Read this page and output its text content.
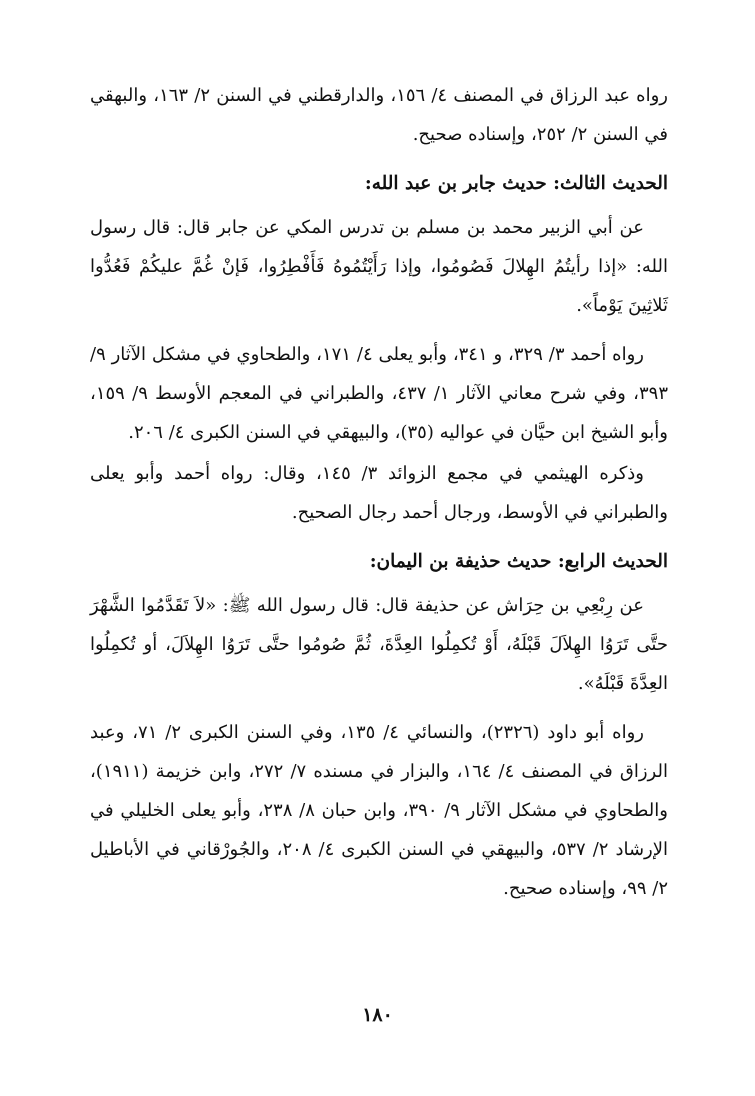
رواه عبد الرزاق في المصنف ٤/ ١٥٦، والدارقطني في السنن ٢/ ١٦٣، والبهقي في السنن ٢/ ٢٥٢، وإسناده صحيح.

الحديث الثالث: حديث جابر بن عبد الله:

عن أبي الزبير محمد بن مسلم بن تدرس المكي عن جابر قال: قال رسول الله: «إذا رأيتُمُ الهِلالَ فَصُومُوا، وإذا رَأَيْتُمُوهُ فَأَفْطِرُوا، فَإنْ غُمَّ عليكُمْ فَعُدُّوا ثَلاثِينَ يَوْماً».

رواه أحمد ٣/ ٣٢٩، و ٣٤١، وأبو يعلى ٤/ ١٧١، والطحاوي في مشكل الآثار ٩/ ٣٩٣، وفي شرح معاني الآثار ١/ ٤٣٧، والطبراني في المعجم الأوسط ٩/ ١٥٩، وأبو الشيخ ابن حيَّان في عواليه (٣٥)، والبيهقي في السنن الكبرى ٤/ ٢٠٦.

وذكره الهيثمي في مجمع الزوائد ٣/ ١٤٥، وقال: رواه أحمد وأبو يعلى والطبراني في الأوسط، ورجال أحمد رجال الصحيح.

الحديث الرابع: حديث حذيفة بن اليمان:

عن رِبْعِي بن حِرَاش عن حذيفة قال: قال رسول الله ﷺ: «لاَ تَقَدَّمُوا الشَّهْرَ حتَّى تَرَوُا الهِلاَلَ قَبْلَهُ، أَوْ تُكمِلُوا العِدَّةَ، ثُمَّ صُومُوا حتَّى تَرَوُا الهِلاَلَ، أو تُكمِلُوا العِدَّةَ قَبْلَهُ».

رواه أبو داود (٢٣٢٦)، والنسائي ٤/ ١٣٥، وفي السنن الكبرى ٢/ ٧١، وعبد الرزاق في المصنف ٤/ ١٦٤، والبزار في مسنده ٧/ ٢٧٢، وابن خزيمة (١٩١١)، والطحاوي في مشكل الآثار ٩/ ٣٩٠، وابن حبان ٨/ ٢٣٨، وأبو يعلى الخليلي في الإرشاد ٢/ ٥٣٧، والبيهقي في السنن الكبرى ٤/ ٢٠٨، والجُورْقاني في الأباطيل ٢/ ٩٩، وإسناده صحيح.

١٨٠
